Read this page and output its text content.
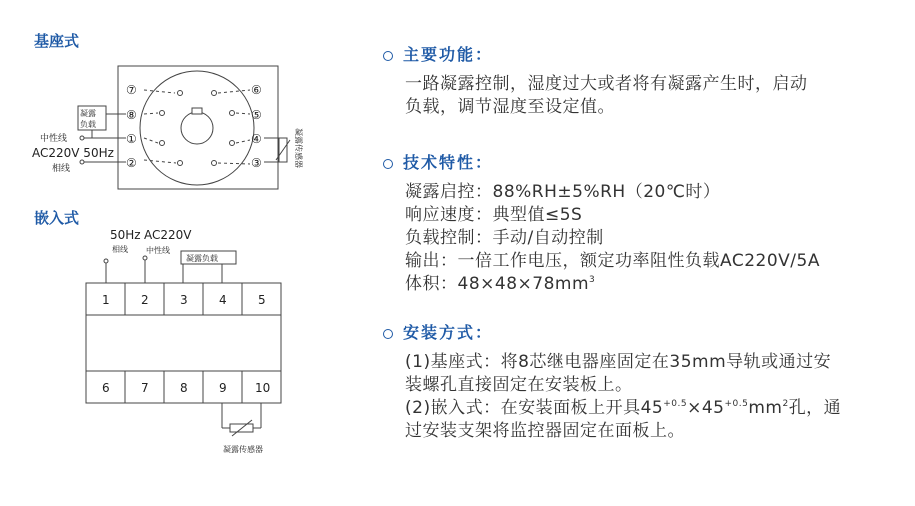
基座式
⑦
⑧
①
②
⑥
⑤
④
③
凝露
负载
中性线
AC220V 50Hz
相线
凝露传感器
50Hz AC220V
相线 中性线
凝露负载
1	2	3	4	5
6	7	8	9 10
凝露传感器
嵌入式
主要功能：
一路凝露控制，湿度过大或者将有凝露产生时，启动
负载，调节湿度至设定值。
技术特性：
凝露启控：88%RH±5%RH（20℃时）
响应速度：典型值≤5S
负载控制：手动/自动控制
输出：一倍工作电压，额定功率阻性负载AC220V/5A
体积：$48\times 48\times 78mm^3$
安装方式：
(1)基座式：将8芯继电器座固定在35mm导轨或通过安
装螺孔直接固定在安装板上。
(2)嵌入式：在安装面板上开具$45^{+0.5}\times 45^{+0.5}mm^2$孔，通
过安装支架将监控器固定在面板上。
